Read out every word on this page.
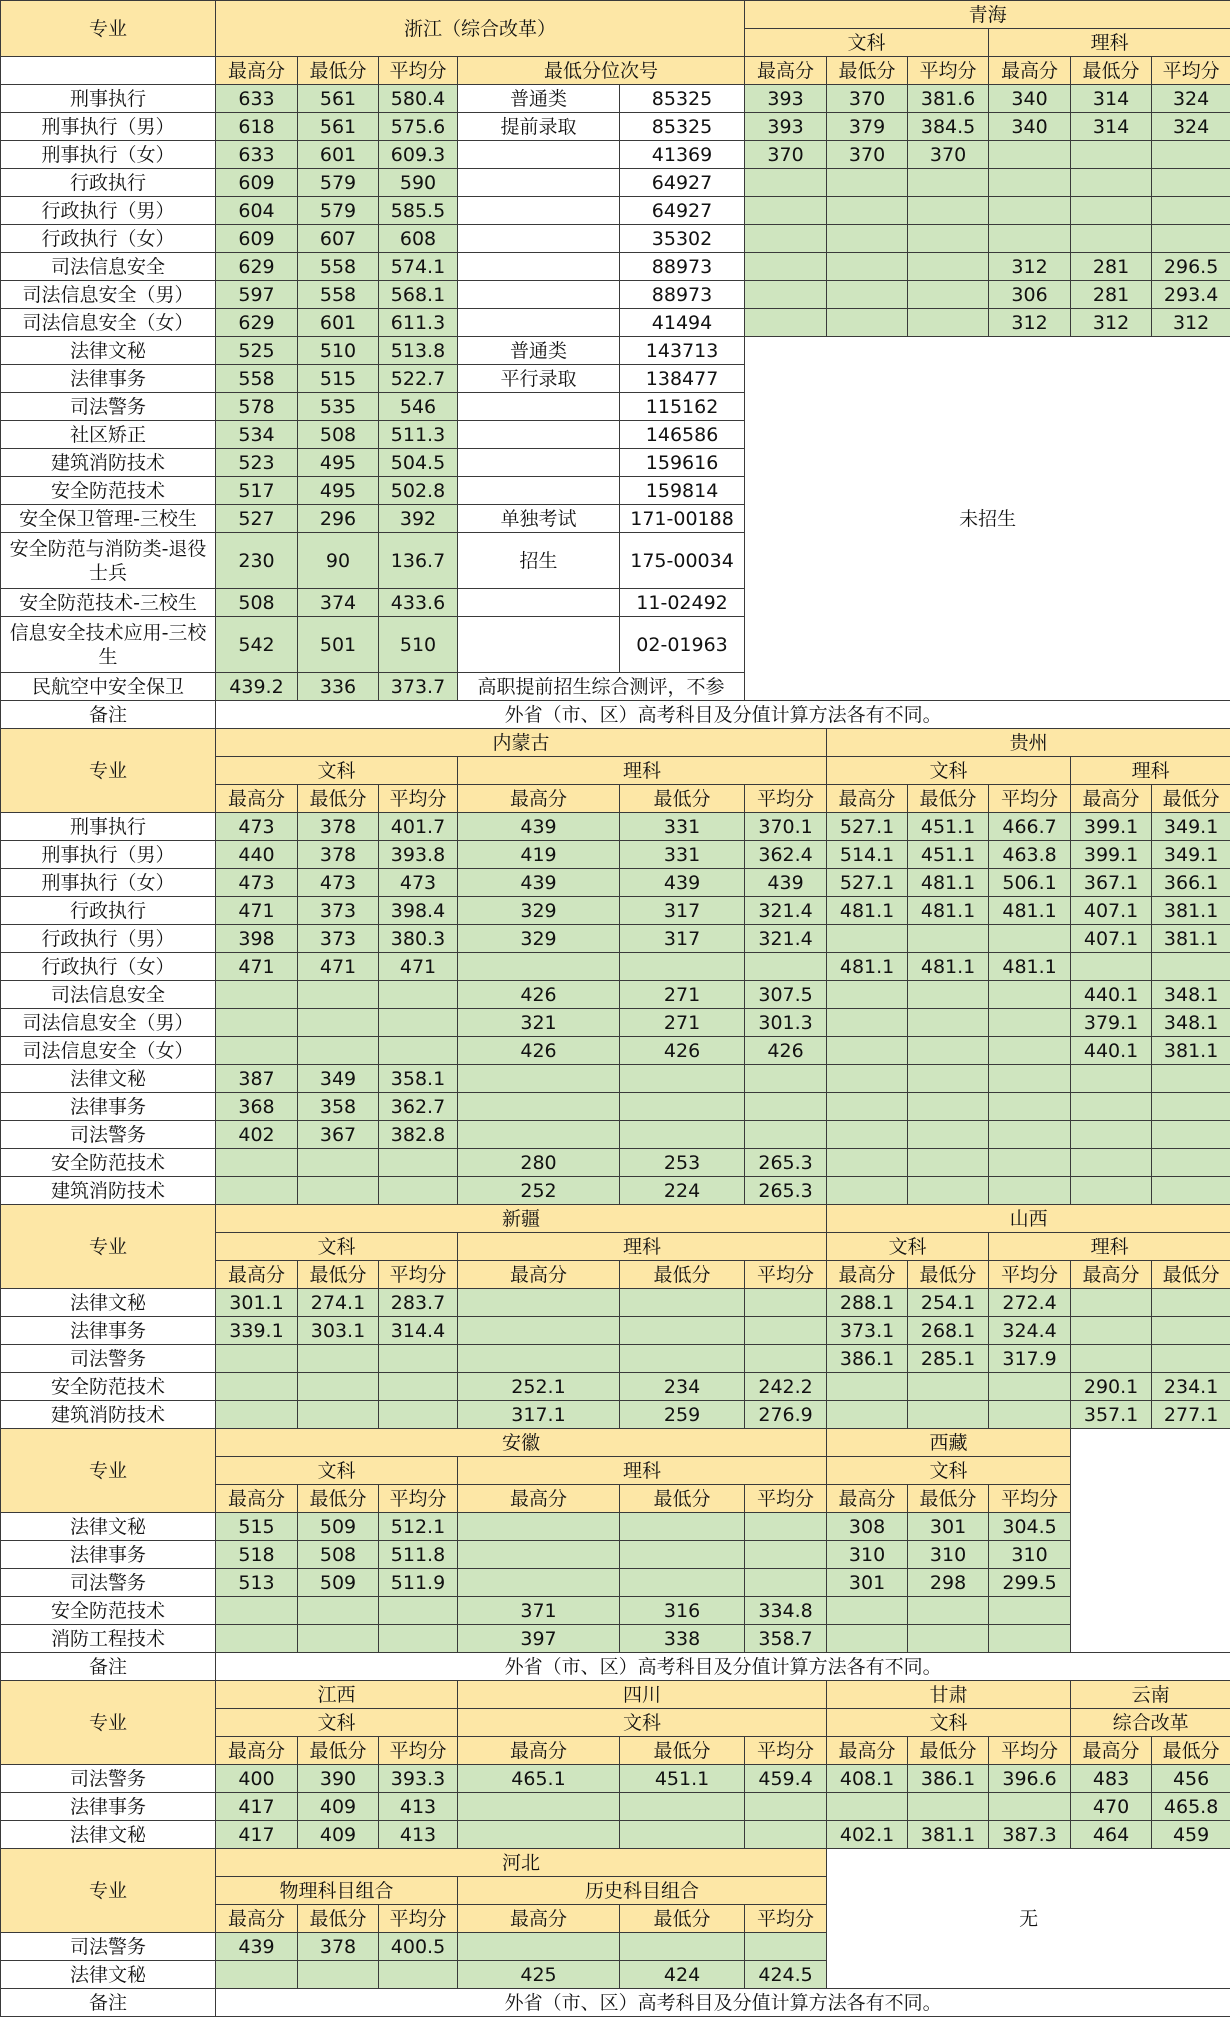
专业	浙江（综合改革）					青海						
						文科			理科			
	最高分	最低分	平均分	最低分位次号		最高分	最低分	平均分	最高分	最低分	平均分	
刑事执行	633	561	580.4	普通类	85325	393	370	381.6	340	314	324	
刑事执行（男）	618	561	575.6	提前录取	85325	393	379	384.5	340	314	324	
刑事执行（女）	633	601	609.3		41369	370	370	370				
行政执行	609	579	590		64927							
行政执行（男）	604	579	585.5		64927							
行政执行（女）	609	607	608		35302							
司法信息安全	629	558	574.1		88973				312	281	296.5	
司法信息安全（男）	597	558	568.1		88973				306	281	293.4	
司法信息安全（女）	629	601	611.3		41494				312	312	312	
法律文秘	525	510	513.8	普通类	143713	未招生						
法律事务	558	515	522.7	平行录取	138477							
司法警务	578	535	546		115162							
社区矫正	534	508	511.3		146586							
建筑消防技术	523	495	504.5		159616							
安全防范技术	517	495	502.8		159814							
安全保卫管理-三校生	527	296	392	单独考试	171-00188							
安全防范与消防类-退役士兵	230	90	136.7	招生	175-00034							
安全防范技术-三校生	508	374	433.6		11-02492							
信息安全技术应用-三校生	542	501	510		02-01963							
民航空中安全保卫	439.2	336	373.7	高职提前招生综合测评，不参								
备注	外省（市、区）高考科目及分值计算方法各有不同。											
专业	内蒙古						贵州					
	文科			理科			文科			理科		
	最高分	最低分	平均分	最高分	最低分	平均分	最高分	最低分	平均分	最高分	最低分	
刑事执行	473	378	401.7	439	331	370.1	527.1	451.1	466.7	399.1	349.1	
刑事执行（男）	440	378	393.8	419	331	362.4	514.1	451.1	463.8	399.1	349.1	
刑事执行（女）	473	473	473	439	439	439	527.1	481.1	506.1	367.1	366.1	
行政执行	471	373	398.4	329	317	321.4	481.1	481.1	481.1	407.1	381.1	
行政执行（男）	398	373	380.3	329	317	321.4				407.1	381.1	
行政执行（女）	471	471	471				481.1	481.1	481.1			
司法信息安全				426	271	307.5				440.1	348.1	
司法信息安全（男）				321	271	301.3				379.1	348.1	
司法信息安全（女）				426	426	426				440.1	381.1	
法律文秘	387	349	358.1									
法律事务	368	358	362.7									
司法警务	402	367	382.8									
安全防范技术				280	253	265.3						
建筑消防技术				252	224	265.3						
专业	新疆						山西					
	文科			理科			文科		理科			
	最高分	最低分	平均分	最高分	最低分	平均分	最高分	最低分	平均分	最高分	最低分	
法律文秘	301.1	274.1	283.7				288.1	254.1	272.4			
法律事务	339.1	303.1	314.4				373.1	268.1	324.4			
司法警务							386.1	285.1	317.9			
安全防范技术				252.1	234	242.2				290.1	234.1	
建筑消防技术				317.1	259	276.9				357.1	277.1	
专业	安徽						西藏					
	文科			理科			文科					
	最高分	最低分	平均分	最高分	最低分	平均分	最高分	最低分	平均分			
法律文秘	515	509	512.1				308	301	304.5			
法律事务	518	508	511.8				310	310	310			
司法警务	513	509	511.9				301	298	299.5			
安全防范技术				371	316	334.8						
消防工程技术				397	338	358.7						
备注	外省（市、区）高考科目及分值计算方法各有不同。											
专业	江西			四川			甘肃			云南		
	文科			文科			文科			综合改革		
	最高分	最低分	平均分	最高分	最低分	平均分	最高分	最低分	平均分	最高分	最低分	
司法警务	400	390	393.3	465.1	451.1	459.4	408.1	386.1	396.6	483	456	
法律事务	417	409	413							470	465.8	
法律文秘	417	409	413				402.1	381.1	387.3	464	459	
专业	河北						无					
	物理科目组合			历史科目组合								
	最高分	最低分	平均分	最高分	最低分	平均分						
司法警务	439	378	400.5									
法律文秘				425	424	424.5						
备注	外省（市、区）高考科目及分值计算方法各有不同。											
